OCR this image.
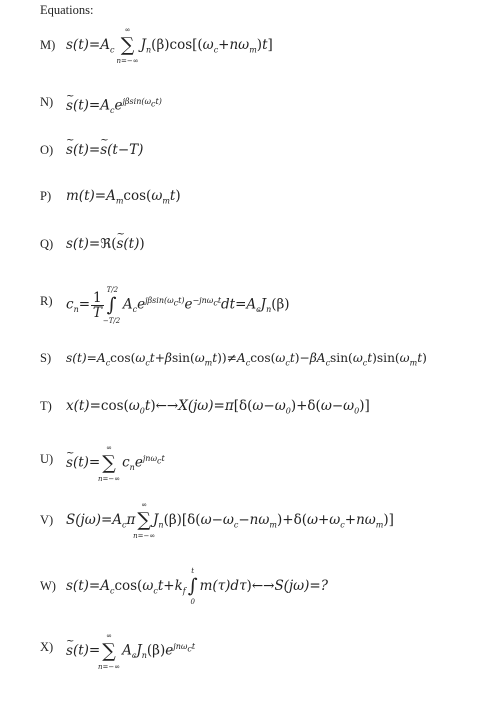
Equations:
M) $s(t)=A_c$
∞
∑
n=−∞
$J_n(\beta)\cos[(\omega_c+n\omega_m)t]$
N) ~ $s(t)=A_ce^{j\beta sin(\omega_ct)}$
O) ~ s(t)=~ s(t−T)
P)	$m(t)=A_m\cos(\omega_mt)$
Q) s(t)=ℜ(~ s(t))
R)	$c_n= \frac{1}{T}$
T/2
∫
−T/2
$A_ce^{j\beta sin(\omega_ct)}e^{-jn\omega_ct}dt=A_cJ_n(\beta)$
S)	$s(t)=A_c\cos(\omega_ct+\beta\sin(\omega_mt))\ne A_c\cos(\omega_ct)-\beta A_c\sin(\omega_ct)\sin(\omega_mt)$
T)	$x(t)=\cos(\omega_0t)\leftarrow\to X(j\omega)=\pi[\delta(\omega-\omega_0)+\delta(\omega-\omega_0)]$
U) ~ s(t)=
∞
∑
n=−∞
$c_ne^{jn\omega_ct}$
V) $S(j\omega)=A_c\pi$
∞
∑
n=−∞
$J_n(\beta)[\delta(\omega-\omega_c-n\omega_m)+\delta(\omega+\omega_c+n\omega_m)]$
W) $s(t)=A_c\cos(\omega_ct+k_f$
t
∫
0
m(τ)dτ)←→S(jω)=?
X) ~ s(t)=
∞
∑
n=−∞
$A_cJ_n(\beta)e^{jn\omega_ct}$
